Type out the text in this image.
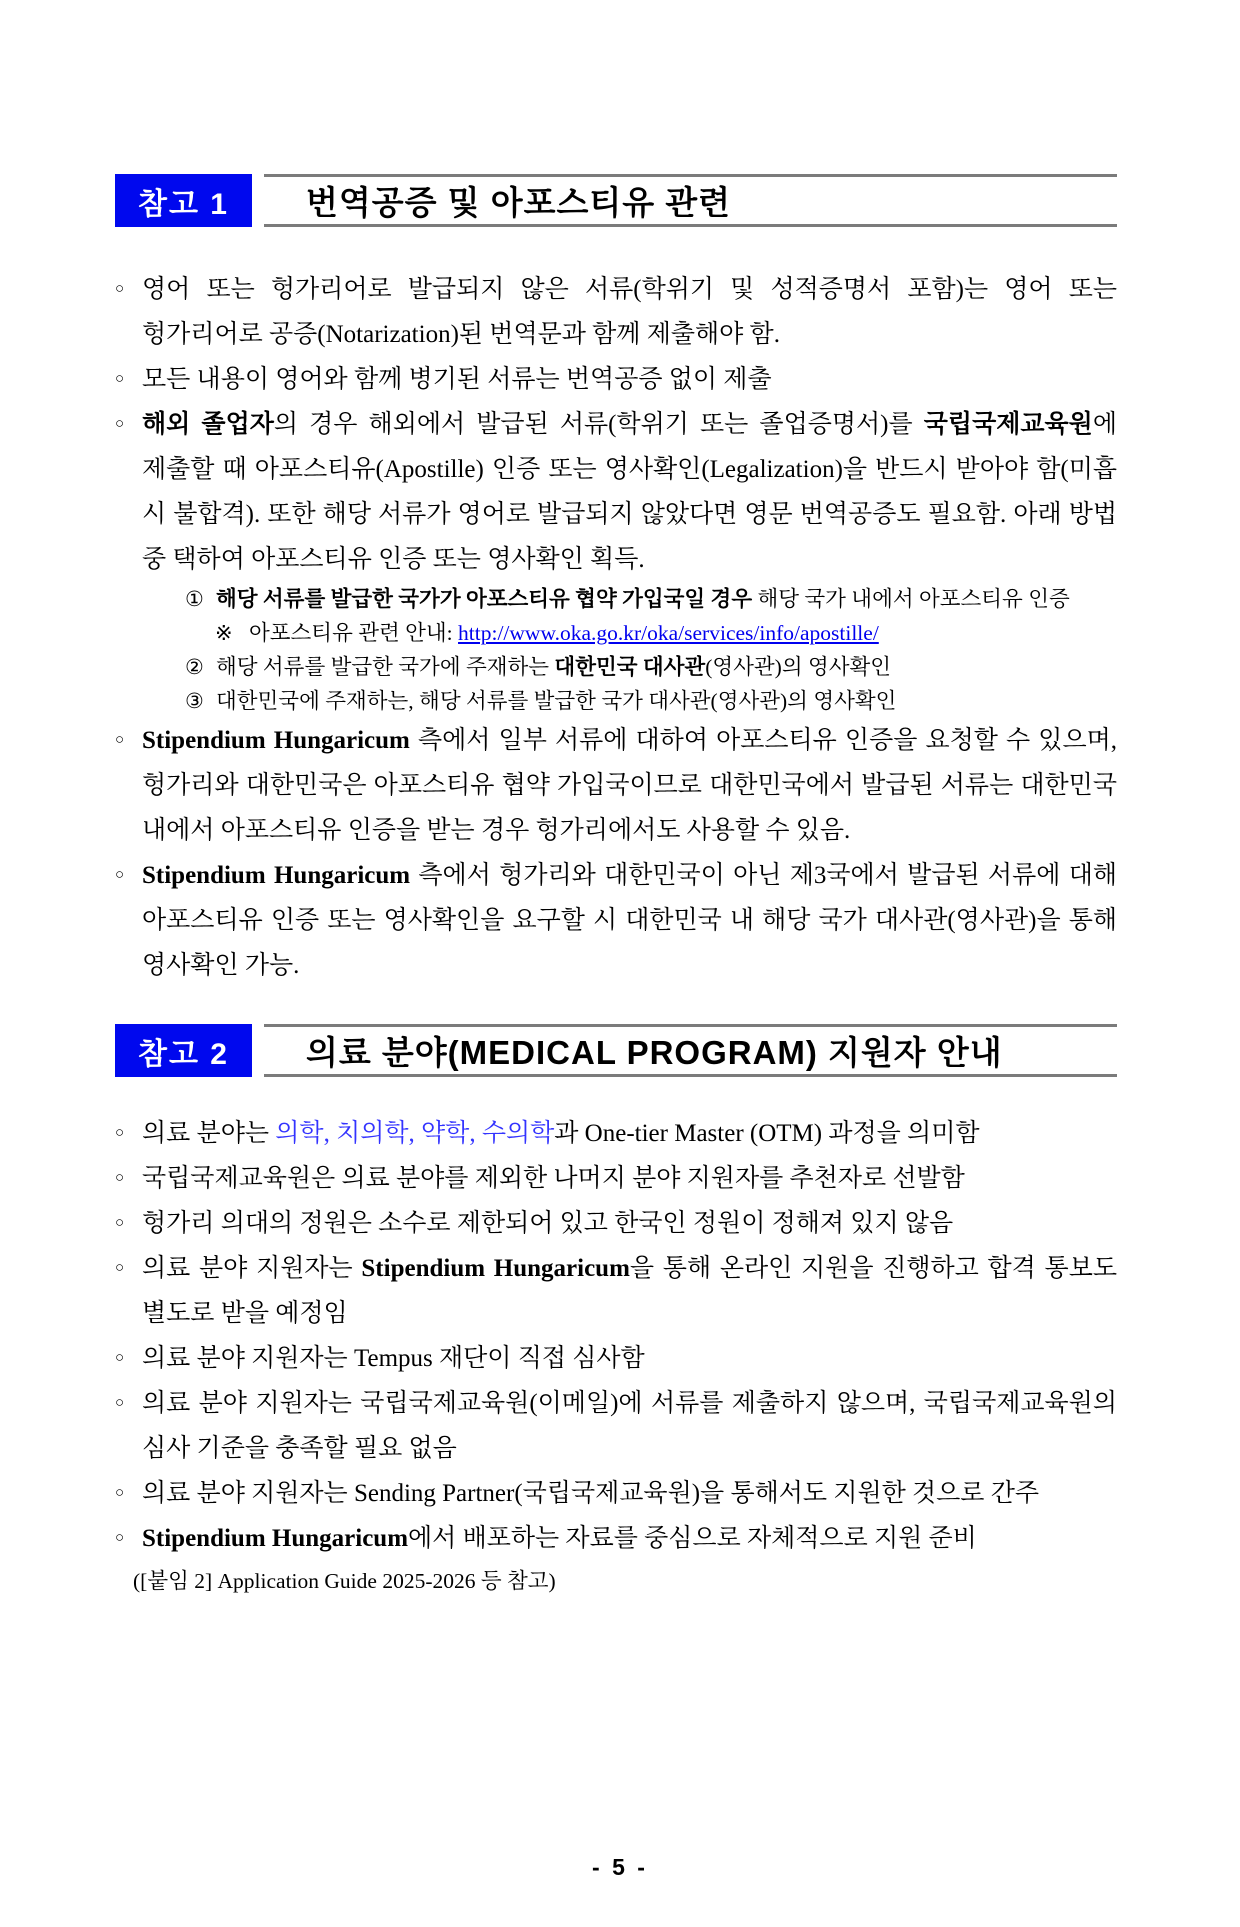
참고 1	번역공증 및 아포스티유 관련
○ 영어 또는 헝가리어로 발급되지 않은 서류(학위기 및 성적증명서 포함)는 영어 또는 헝가리어로 공증(Notarization)된 번역문과 함께 제출해야 함.
○ 모든 내용이 영어와 함께 병기된 서류는 번역공증 없이 제출
○ 해외 졸업자의 경우 해외에서 발급된 서류(학위기 또는 졸업증명서)를 국립국제교육원에 제출할 때 아포스티유(Apostille) 인증 또는 영사확인(Legalization)을 반드시 받아야 함(미흡 시 불합격). 또한 해당 서류가 영어로 발급되지 않았다면 영문 번역공증도 필요함. 아래 방법 중 택하여 아포스티유 인증 또는 영사확인 획득.
① 해당 서류를 발급한 국가가 아포스티유 협약 가입국일 경우 해당 국가 내에서 아포스티유 인증
※ 아포스티유 관련 안내: http://www.oka.go.kr/oka/services/info/apostille/
② 해당 서류를 발급한 국가에 주재하는 대한민국 대사관(영사관)의 영사확인
③ 대한민국에 주재하는, 해당 서류를 발급한 국가 대사관(영사관)의 영사확인
○ Stipendium Hungaricum 측에서 일부 서류에 대하여 아포스티유 인증을 요청할 수 있으며, 헝가리와 대한민국은 아포스티유 협약 가입국이므로 대한민국에서 발급된 서류는 대한민국 내에서 아포스티유 인증을 받는 경우 헝가리에서도 사용할 수 있음.
○ Stipendium Hungaricum 측에서 헝가리와 대한민국이 아닌 제3국에서 발급된 서류에 대해 아포스티유 인증 또는 영사확인을 요구할 시 대한민국 내 해당 국가 대사관(영사관)을 통해 영사확인 가능.
참고 2	의료 분야(MEDICAL PROGRAM) 지원자 안내
○ 의료 분야는 의학, 치의학, 약학, 수의학과 One-tier Master (OTM) 과정을 의미함
○ 국립국제교육원은 의료 분야를 제외한 나머지 분야 지원자를 추천자로 선발함
○ 헝가리 의대의 정원은 소수로 제한되어 있고 한국인 정원이 정해져 있지 않음
○ 의료 분야 지원자는 Stipendium Hungaricum을 통해 온라인 지원을 진행하고 합격 통보도 별도로 받을 예정임
○ 의료 분야 지원자는 Tempus 재단이 직접 심사함
○ 의료 분야 지원자는 국립국제교육원(이메일)에 서류를 제출하지 않으며, 국립국제교육원의 심사 기준을 충족할 필요 없음
○ 의료 분야 지원자는 Sending Partner(국립국제교육원)을 통해서도 지원한 것으로 간주
○ Stipendium Hungaricum에서 배포하는 자료를 중심으로 자체적으로 지원 준비
([붙임 2] Application Guide 2025-2026 등 참고)
- 5 -
